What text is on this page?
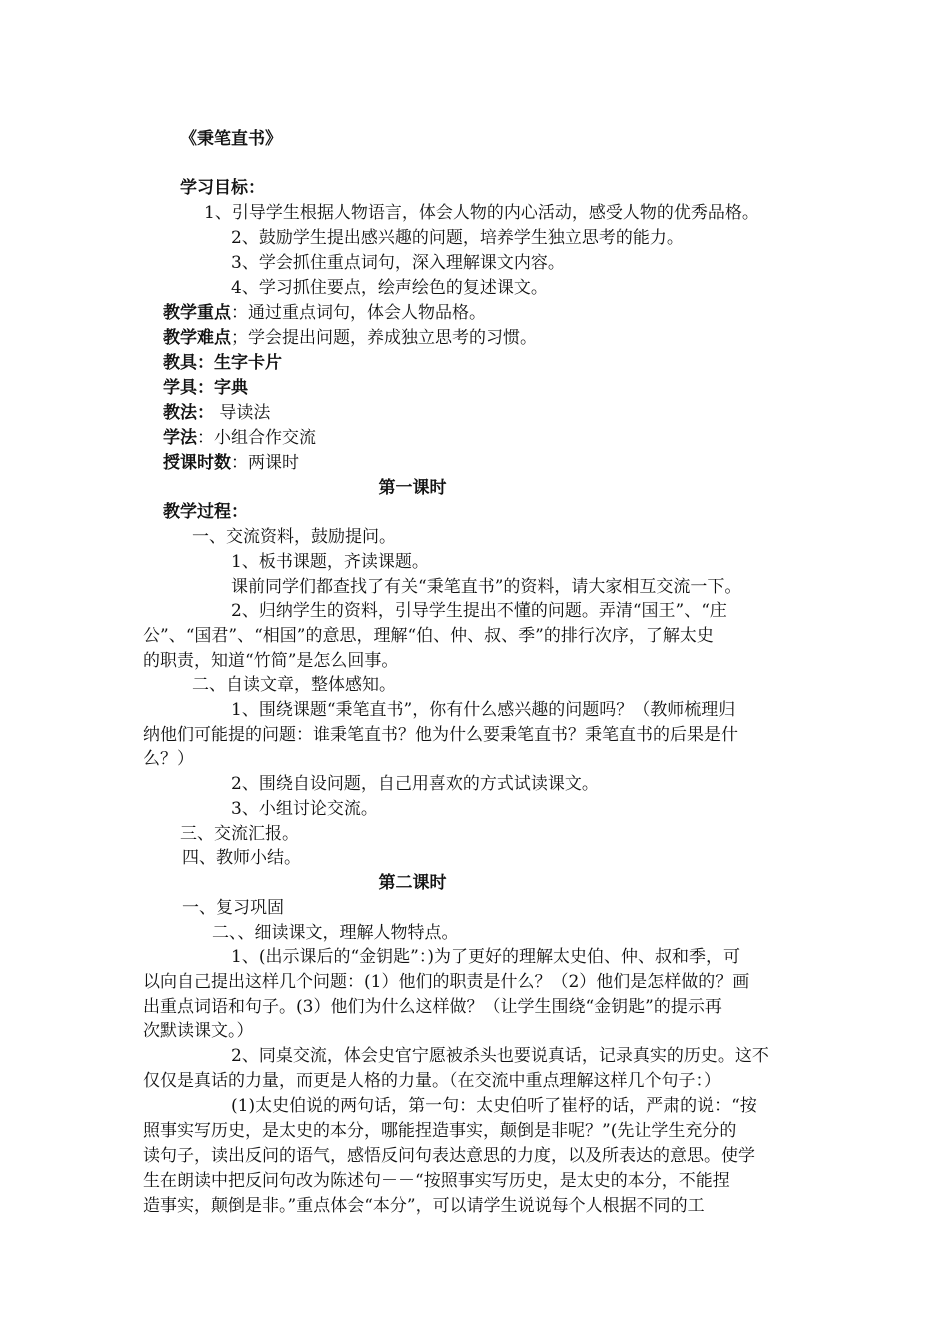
《秉笔直书》
学习目标：
1、引导学生根据人物语言，体会人物的内心活动，感受人物的优秀品格。
2、鼓励学生提出感兴趣的问题，培养学生独立思考的能力。
3、学会抓住重点词句，深入理解课文内容。
4、学习抓住要点，绘声绘色的复述课文。
教学重点：通过重点词句，体会人物品格。
教学难点；学会提出问题，养成独立思考的习惯。
教具：生字卡片
学具：字典
教法： 导读法
学法：小组合作交流
授课时数：两课时
第一课时
教学过程：
一、交流资料，鼓励提问。
1、板书课题，齐读课题。
课前同学们都查找了有关“秉笔直书”的资料，请大家相互交流一下。
2、归纳学生的资料，引导学生提出不懂的问题。弄清“国王”、“庄
公”、“国君”、“相国”的意思，理解“伯、仲、叔、季”的排行次序，了解太史
的职责，知道“竹简”是怎么回事。
二、自读文章，整体感知。
1、围绕课题“秉笔直书”，你有什么感兴趣的问题吗？（教师梳理归
纳他们可能提的问题：谁秉笔直书？他为什么要秉笔直书？秉笔直书的后果是什
么？）
2、围绕自设问题，自己用喜欢的方式试读课文。
3、小组讨论交流。
三、交流汇报。
四、教师小结。
第二课时
一、复习巩固
二、、细读课文，理解人物特点。
1、(出示课后的“金钥匙”：)为了更好的理解太史伯、仲、叔和季，可
以向自己提出这样几个问题：(1）他们的职责是什么？（2）他们是怎样做的？画
出重点词语和句子。(3）他们为什么这样做？（让学生围绕“金钥匙”的提示再
次默读课文。）
2、同桌交流，体会史官宁愿被杀头也要说真话，记录真实的历史。这不
仅仅是真话的力量，而更是人格的力量。（在交流中重点理解这样几个句子：）
(1)太史伯说的两句话，第一句：太史伯听了崔杼的话，严肃的说：“按
照事实写历史，是太史的本分，哪能捏造事实，颠倒是非呢？”(先让学生充分的
读句子，读出反问的语气，感悟反问句表达意思的力度，以及所表达的意思。使学
生在朗读中把反问句改为陈述句－－“按照事实写历史，是太史的本分，不能捏
造事实，颠倒是非。”重点体会“本分”，可以请学生说说每个人根据不同的工
